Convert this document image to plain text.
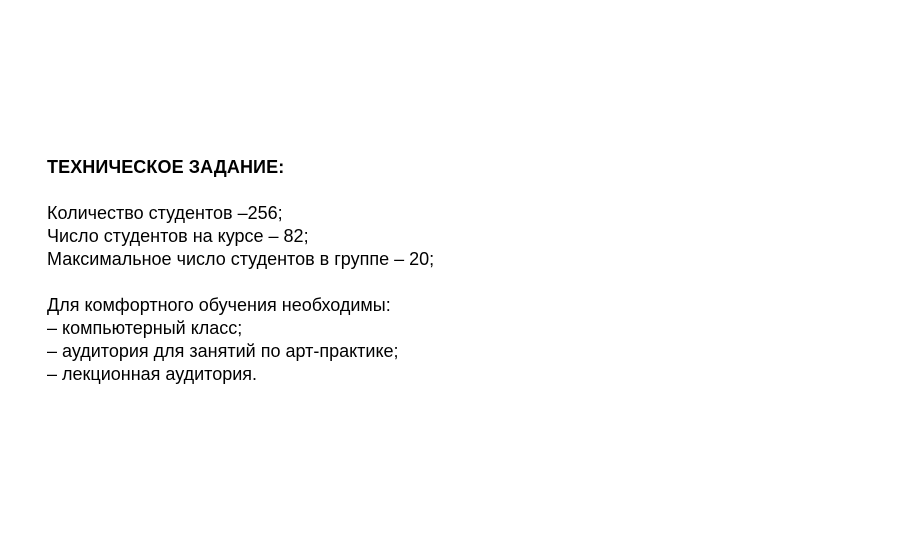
ТЕХНИЧЕСКОЕ ЗАДАНИЕ:
Количество студентов –256;
Число студентов на курсе – 82;
Максимальное число студентов в группе – 20;
Для комфортного обучения необходимы:
– компьютерный класс;
– аудитория для занятий по арт-практике;
– лекционная аудитория.
